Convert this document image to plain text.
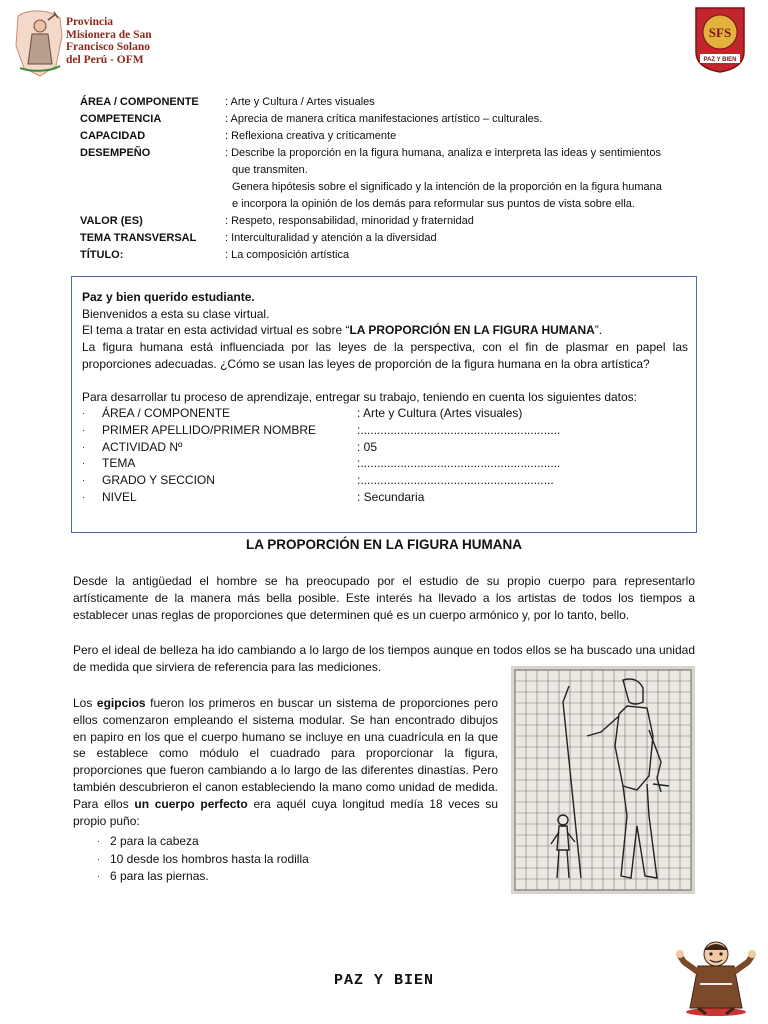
Provincia
Misionera de San
Francisco Solano
del Perú - OFM
SFS
PAZ Y BIEN
ÁREA / COMPONENTE	: Arte y Cultura / Artes visuales
COMPETENCIA	: Aprecia de manera crítica manifestaciones artístico – culturales.
CAPACIDAD	: Reflexiona creativa y críticamente
DESEMPEÑO	: Describe la proporción en la figura humana, analiza e interpreta las ideas y sentimientos
que transmiten.
Genera hipótesis sobre el significado y la intención de la proporción en la figura humana
e incorpora la opinión de los demás para reformular sus puntos de vista sobre ella.
VALOR (ES)	: Respeto, responsabilidad, minoridad y fraternidad
TEMA TRANSVERSAL	: Interculturalidad y atención a la diversidad
TÍTULO:	: La composición artística

Paz y bien querido estudiante.

Bienvenidos a esta su clase virtual.

El tema a tratar en esta actividad virtual es sobre “LA PROPORCIÓN EN LA FIGURA HUMANA”.

La figura humana está influenciada por las leyes de la perspectiva, con el fin de plasmar en papel las proporciones adecuadas. ¿Cómo se usan las leyes de proporción de la figura humana en la obra artística?

Para desarrollar tu proceso de aprendizaje, entregar su trabajo, teniendo en cuenta los siguientes datos:

·	ÁREA / COMPONENTE	: Arte y Cultura (Artes visuales)
·	PRIMER APELLIDO/PRIMER NOMBRE	:............................................................
·	ACTIVIDAD Nº	: 05
·	TEMA	:............................................................
·	GRADO Y SECCION	:..........................................................
·	NIVEL	: Secundaria
LA PROPORCIÓN EN LA FIGURA HUMANA

Desde la antigüedad el hombre se ha preocupado por el estudio de su propio cuerpo para representarlo artísticamente de la manera más bella posible. Este interés ha llevado a los artistas de todos los tiempos a establecer unas reglas de proporciones que determinen qué es un cuerpo armónico y, por lo tanto, bello.

Pero el ideal de belleza ha ido cambiando a lo largo de los tiempos aunque en todos ellos se ha buscado una unidad de medida que sirviera de referencia para las mediciones.

Los egipcios fueron los primeros en buscar un sistema de proporciones pero ellos comenzaron empleando el sistema modular. Se han encontrado dibujos en papiro en los que el cuerpo humano se incluye en una cuadrícula en la que se establece como módulo el cuadrado para proporcionar la figura, proporciones que fueron cambiando a lo largo de las diferentes dinastías. Pero también descubrieron el canon estableciendo la mano como unidad de medida. Para ellos un cuerpo perfecto era aquél cuya longitud medía 18 veces su propio puño:

· 2 para la cabeza
· 10 desde los hombros hasta la rodilla
· 6 para las piernas.
PAZ Y BIEN
